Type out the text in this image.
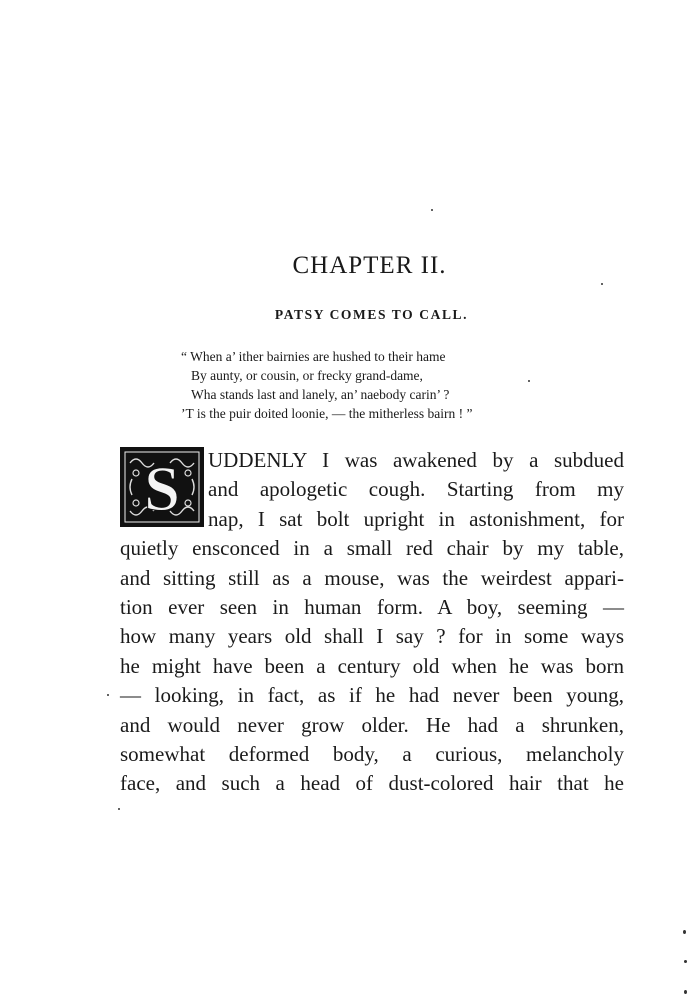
CHAPTER II.
PATSY COMES TO CALL.
“ When a’ ither bairnies are hushed to their hame
By aunty, or cousin, or frecky grand-dame,
Wha stands last and lanely, an’ naebody carin’ ?
’T is the puir doited loonie, — the mitherless bairn ! ”
S	UDDENLY I was awakened by a subdued
and apologetic cough. Starting from my
nap, I sat bolt upright in astonishment, for
quietly ensconced in a small red chair by my table,
and sitting still as a mouse, was the weirdest appari-
tion ever seen in human form. A boy, seeming —
how many years old shall I say ? for in some ways
he might have been a century old when he was born
— looking, in fact, as if he had never been young,
and would never grow older. He had a shrunken,
somewhat deformed body, a curious, melancholy
face, and such a head of dust-colored hair that he
